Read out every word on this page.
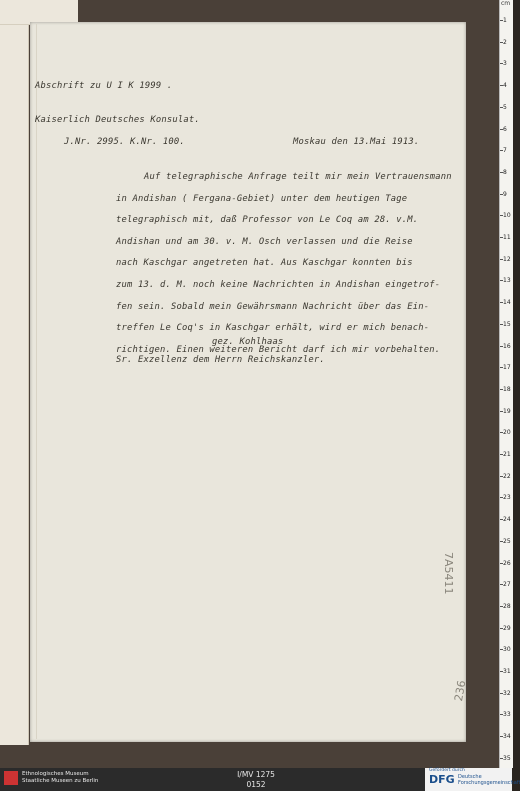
Abschrift zu U I K 1999 .
Kaiserlich Deutsches Konsulat.
J.Nr. 2995. K.Nr. 100.	Moskau den 13.Mai 1913.
Auf telegraphische Anfrage teilt mir mein Vertrauensmann
in Andishan ( Fergana-Gebiet) unter dem heutigen Tage
telegraphisch mit, daß Professor von Le Coq am 28. v.M.
Andishan und am 30. v. M. Osch verlassen und die Reise
nach Kaschgar angetreten hat. Aus Kaschgar konnten bis
zum 13. d. M. noch keine Nachrichten in Andishan eingetrof-
fen sein. Sobald mein Gewährsmann Nachricht über das Ein-
treffen Le Coq's in Kaschgar erhält, wird er mich benach-
richtigen. Einen weiteren Bericht darf ich mir vorbehalten.
gez. Kohlhaas
Sr. Exzellenz dem Herrn Reichskanzler.
7A5411
236
cm
1
2
3
4
5
6
7
8
9
10
11
12
13
14
15
16
17
18
19
20
21
22
23
24
25
26
27
28
29
30
31
32
33
34
35
Ethnologisches Museum
Staatliche Museen zu Berlin
I/MV 1275
0152
Gefördert durch
DFG Deutsche
Forschungsgemeinschaft
